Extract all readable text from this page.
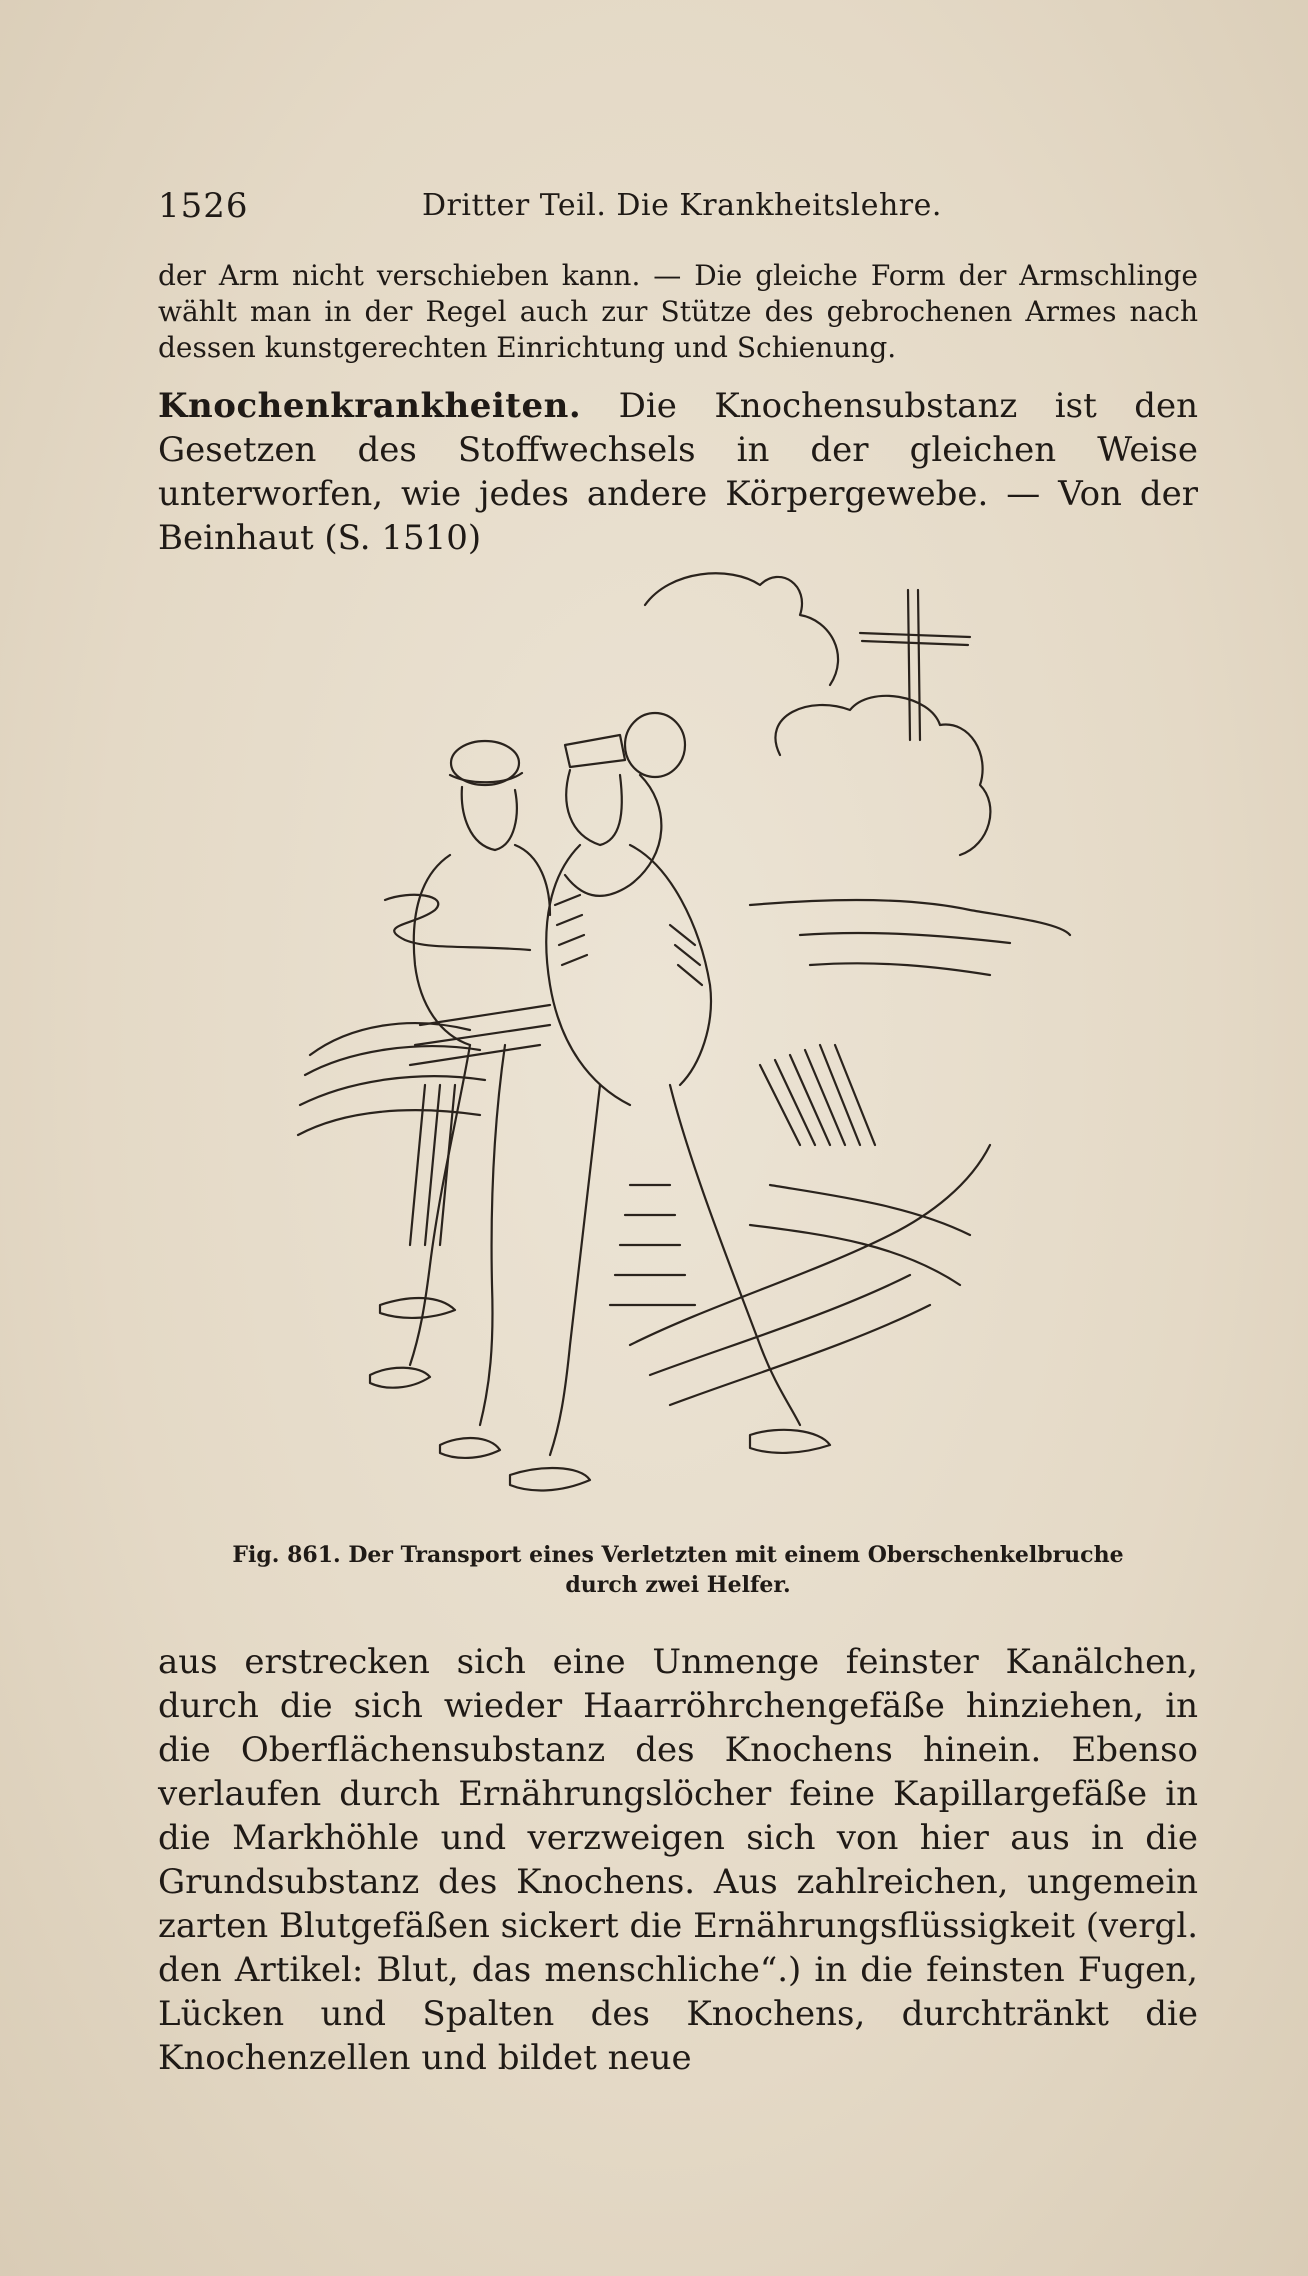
1526	Dritter Teil. Die Krankheitslehre.
der Arm nicht verschieben kann. — Die gleiche Form der Armschlinge wählt man in der Regel auch zur Stütze des gebrochenen Armes nach dessen kunstgerechten Einrichtung und Schienung.
Knochenkrankheiten. Die Knochensubstanz ist den Gesetzen des Stoffwechsels in der gleichen Weise unterworfen, wie jedes andere Körpergewebe. — Von der Beinhaut (S. 1510)
Fig. 861. Der Transport eines Verletzten mit einem Oberschenkelbruche
durch zwei Helfer.
aus erstrecken sich eine Unmenge feinster Kanälchen, durch die sich wieder Haarröhrchengefäße hinziehen, in die Oberflächensubstanz des Knochens hinein. Ebenso verlaufen durch Ernährungslöcher feine Kapillargefäße in die Markhöhle und verzweigen sich von hier aus in die Grundsubstanz des Knochens. Aus zahlreichen, ungemein zarten Blutgefäßen sickert die Ernährungsflüssigkeit (vergl. den Artikel: Blut, das menschliche“.) in die feinsten Fugen, Lücken und Spalten des Knochens, durchtränkt die Knochenzellen und bildet neue
